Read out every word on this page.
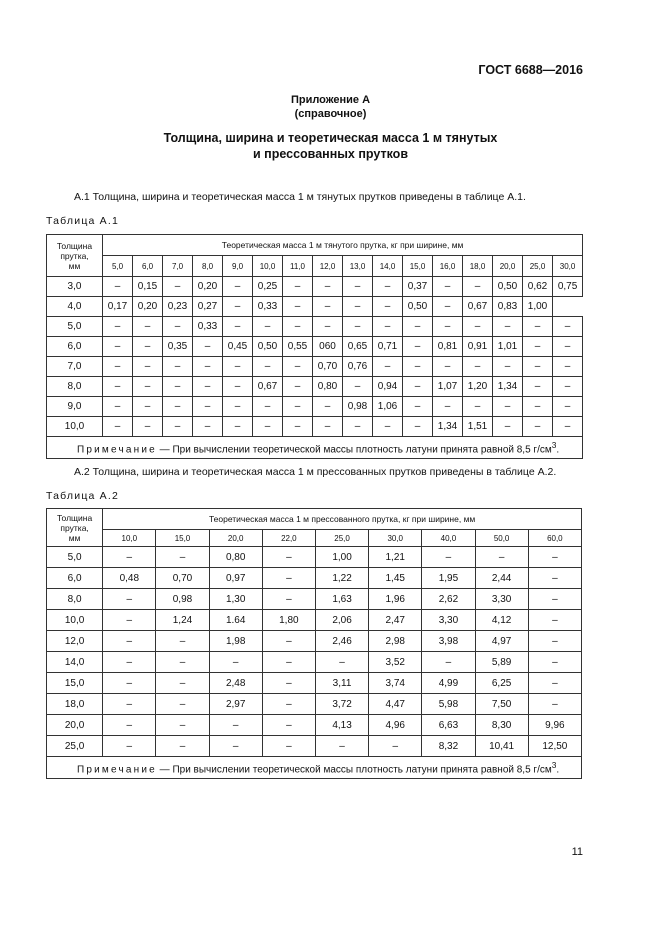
ГОСТ 6688—2016
Приложение А
(справочное)
Толщина, ширина и теоретическая масса 1 м тянутых
и прессованных прутков
А.1 Толщина, ширина и теоретическая масса 1 м тянутых прутков приведены в таблице А.1.
Таблица А.1
Толщина
прутка,
мм	Теоретическая масса 1 м тянутого прутка, кг при ширине, мм															
	5,0	6,0	7,0	8,0	9,0	10,0	11,0	12,0	13,0	14,0	15,0	16,0	18,0	20,0	25,0	30,0
3,0	–	0,15	–	0,20	–	0,25	–	–	–	–	0,37	–	–	0,50	0,62	0,75
4,0	0,17	0,20	0,23	0,27	–	0,33	–	–	–	–	0,50	–	0,67	0,83	1,00	
5,0	–	–	–	0,33	–	–	–	–	–	–	–	–	–	–	–	–
6,0	–	–	0,35	–	0,45	0,50	0,55	060	0,65	0,71	–	0,81	0,91	1,01	–	–
7,0	–	–	–	–	–	–	–	0,70	0,76	–	–	–	–	–	–	–
8,0	–	–	–	–	–	0,67	–	0,80	–	0,94	–	1,07	1,20	1,34	–	–
9,0	–	–	–	–	–	–	–	–	0,98	1,06	–	–	–	–	–	–
10,0	–	–	–	–	–	–	–	–	–	–	–	1,34	1,51	–	–	–
Примечание — При вычислении теоретической массы плотность латуни принята равной 8,5 $г/см^3$.																
А.2 Толщина, ширина и теоретическая масса 1 м прессованных прутков приведены в таблице А.2.
Таблица А.2
Толщина
прутка,
мм	Теоретическая масса 1 м прессованного прутка, кг при ширине, мм								
	10,0	15,0	20,0	22,0	25,0	30,0	40,0	50,0	60,0
5,0	–	–	0,80	–	1,00	1,21	–	–	–
6,0	0,48	0,70	0,97	–	1,22	1,45	1,95	2,44	–
8,0	–	0,98	1,30	–	1,63	1,96	2,62	3,30	–
10,0	–	1,24	1.64	1,80	2,06	2,47	3,30	4,12	–
12,0	–	–	1,98	–	2,46	2,98	3,98	4,97	–
14,0	–	–	–	–	–	3,52	–	5,89	–
15,0	–	–	2,48	–	3,11	3,74	4,99	6,25	–
18,0	–	–	2,97	–	3,72	4,47	5,98	7,50	–
20,0	–	–	–	–	4,13	4,96	6,63	8,30	9,96
25,0	–	–	–	–	–	–	8,32	10,41	12,50
Примечание — При вычислении теоретической массы плотность латуни принята равной 8,5 $г/см^3$.									
11
